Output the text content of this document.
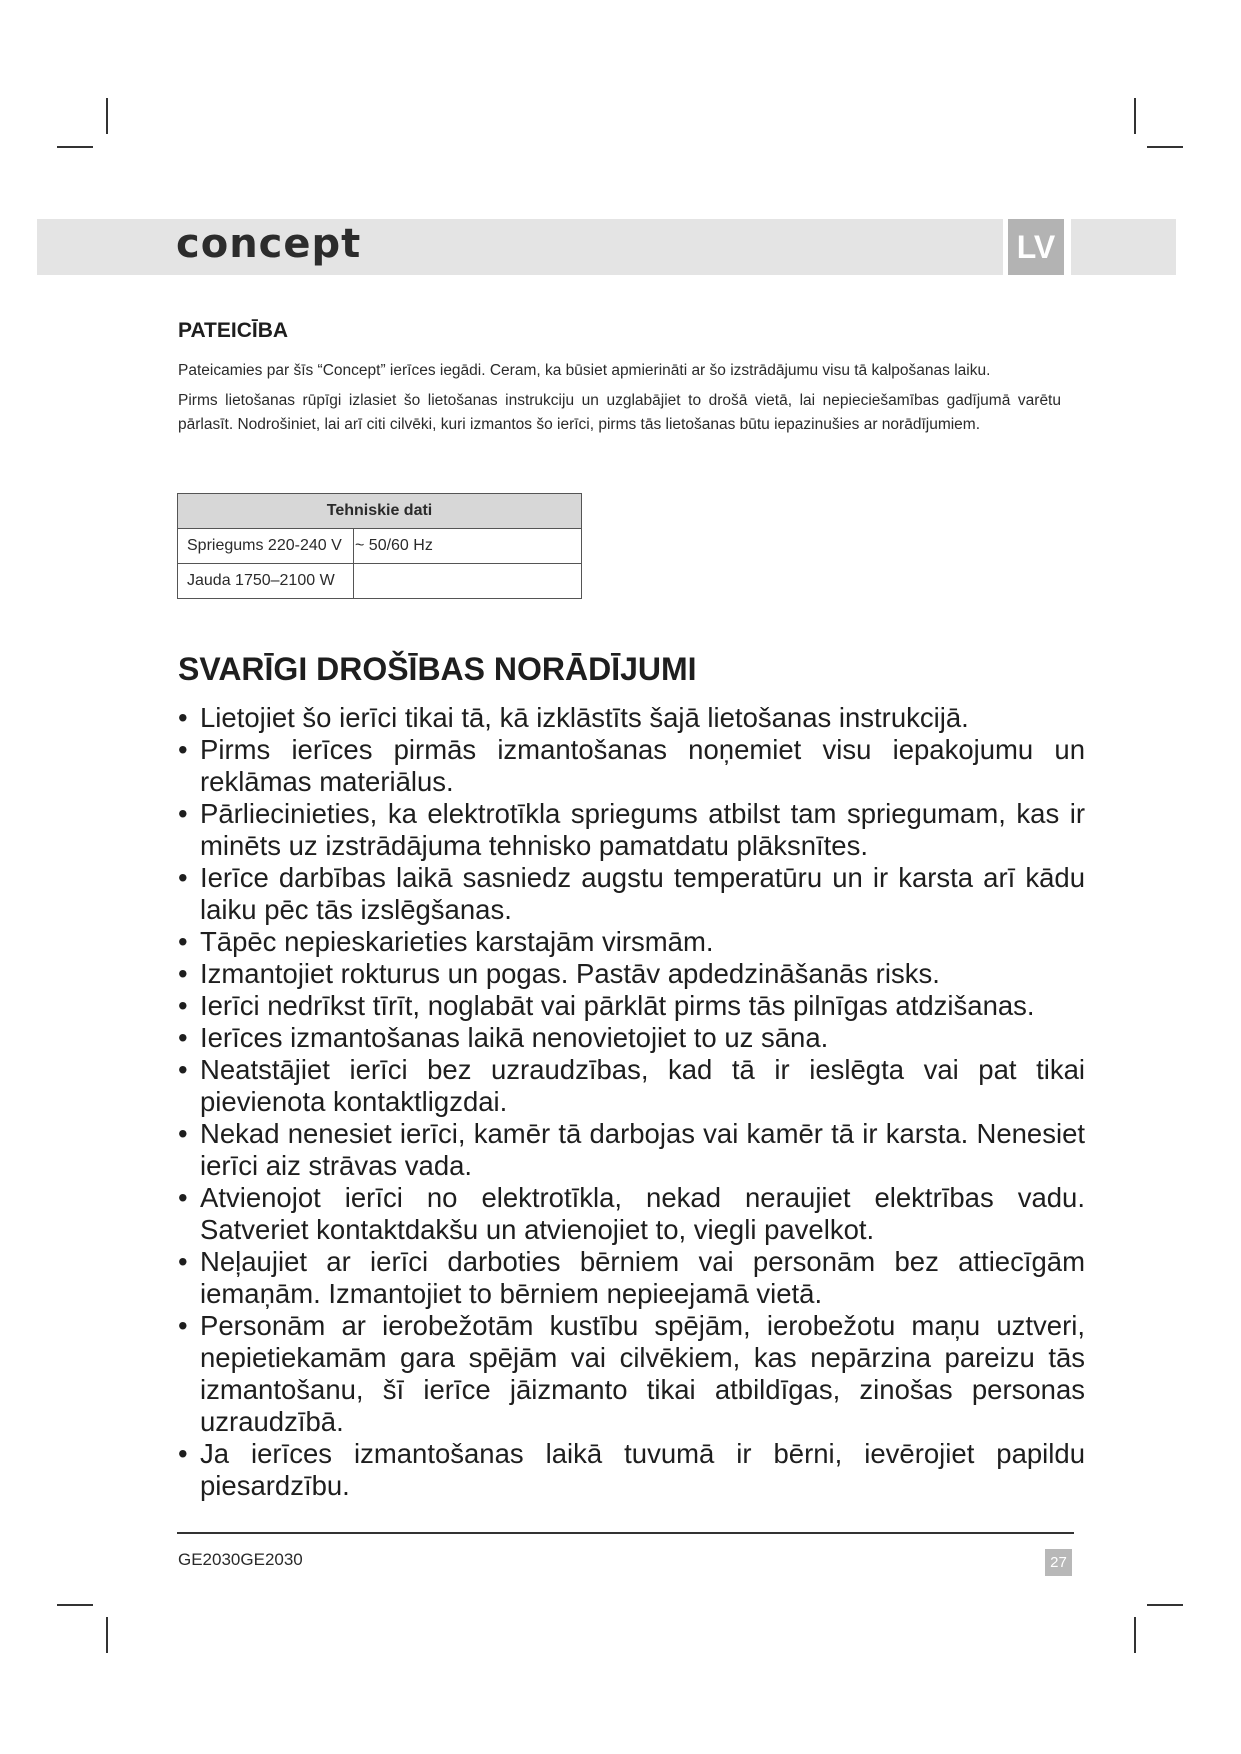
concept	LV
PATEICĪBA

Pateicamies par šīs “Concept” ierīces iegādi. Ceram, ka būsiet apmierināti ar šo izstrādājumu visu tā kalpošanas laiku.

Pirms lietošanas rūpīgi izlasiet šo lietošanas instrukciju un uzglabājiet to drošā vietā, lai nepieciešamības gadījumā varētu pārlasīt. Nodrošiniet, lai arī citi cilvēki, kuri izmantos šo ierīci, pirms tās lietošanas būtu iepazinušies ar norādījumiem.

Tehniskie dati	
Spriegums 220-240 V	~ 50/60 Hz
Jauda 1750–2100 W	
SVARĪGI DROŠĪBAS NORĀDĪJUMI
• Lietojiet šo ierīci tikai tā, kā izklāstīts šajā lietošanas instrukcijā.
• Pirms ierīces pirmās izmantošanas noņemiet visu iepakojumu un reklāmas materiālus.
• Pārliecinieties, ka elektrotīkla spriegums atbilst tam spriegumam, kas ir minēts uz izstrādājuma tehnisko pamatdatu plāksnītes.
• Ierīce darbības laikā sasniedz augstu temperatūru un ir karsta arī kādu laiku pēc tās izslēgšanas.
• Tāpēc nepieskarieties karstajām virsmām.
• Izmantojiet rokturus un pogas. Pastāv apdedzināšanās risks.
• Ierīci nedrīkst tīrīt, noglabāt vai pārklāt pirms tās pilnīgas atdzišanas.
• Ierīces izmantošanas laikā nenovietojiet to uz sāna.
• Neatstājiet ierīci bez uzraudzības, kad tā ir ieslēgta vai pat tikai pievienota kontaktligzdai.
• Nekad nenesiet ierīci, kamēr tā darbojas vai kamēr tā ir karsta. Nenesiet ierīci aiz strāvas vada.
• Atvienojot ierīci no elektrotīkla, nekad neraujiet elektrības vadu. Satveriet kontaktdakšu un atvienojiet to, viegli pavelkot.
• Neļaujiet ar ierīci darboties bērniem vai personām bez attiecīgām iemaņām. Izmantojiet to bērniem nepieejamā vietā.
• Personām ar ierobežotām kustību spējām, ierobežotu maņu uztveri, nepietiekamām gara spējām vai cilvēkiem, kas nepārzina pareizu tās izmantošanu, šī ierīce jāizmanto tikai atbildīgas, zinošas personas uzraudzībā.
• Ja ierīces izmantošanas laikā tuvumā ir bērni, ievērojiet papildu piesardzību.
GE2030GE2030	27
